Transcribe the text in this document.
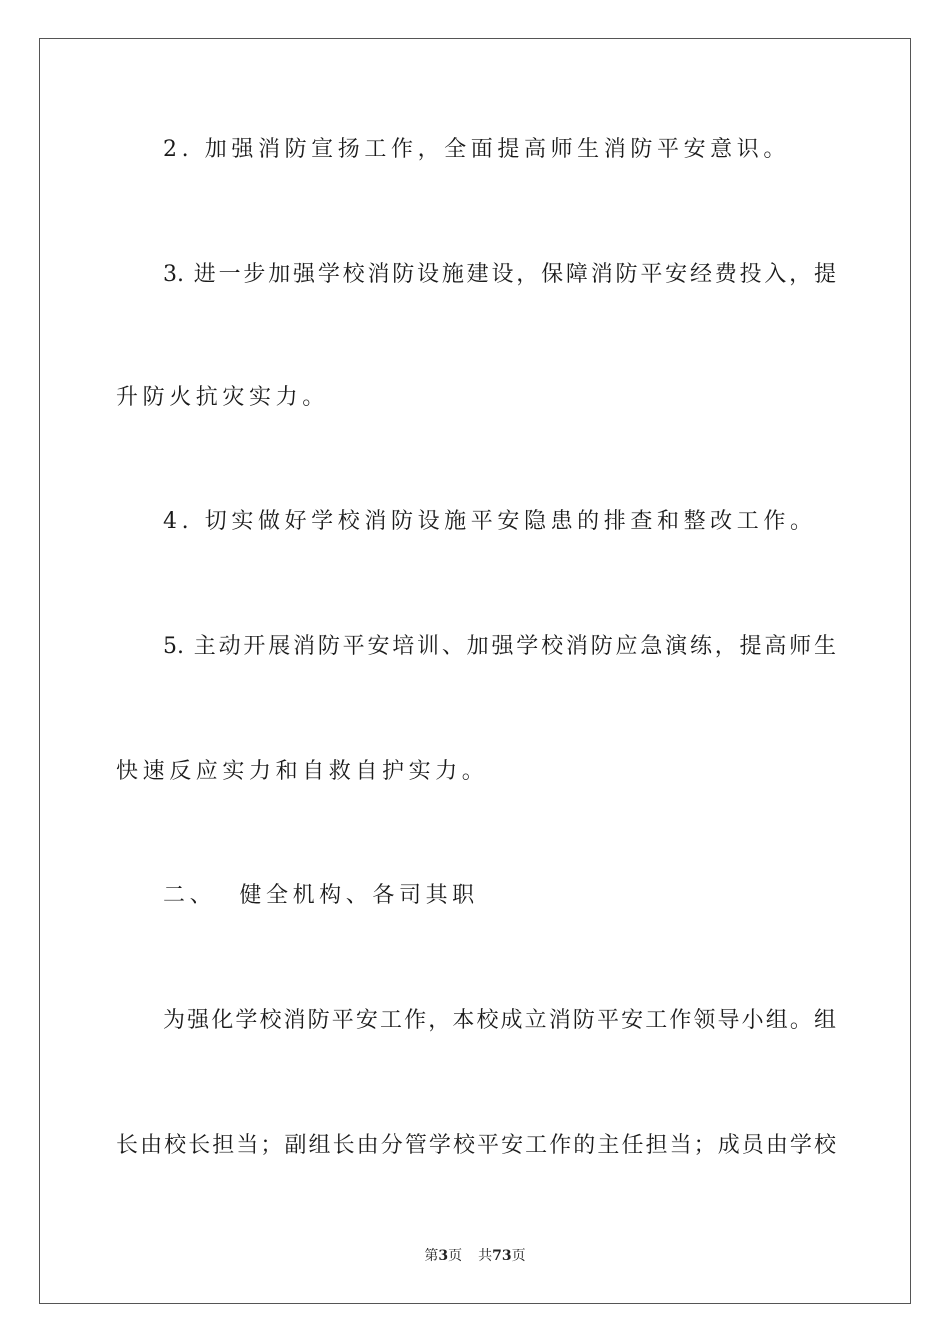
2. 加强消防宣扬工作，全面提高师生消防平安意识。
3. 进一步加强学校消防设施建设，保障消防平安经费投入，提
升防火抗灾实力。
4. 切实做好学校消防设施平安隐患的排查和整改工作。
5. 主动开展消防平安培训、加强学校消防应急演练，提高师生
快速反应实力和自救自护实力。
二、  健全机构、各司其职
为强化学校消防平安工作，本校成立消防平安工作领导小组。组
长由校长担当；副组长由分管学校平安工作的主任担当；成员由学校
第3页 共73页
